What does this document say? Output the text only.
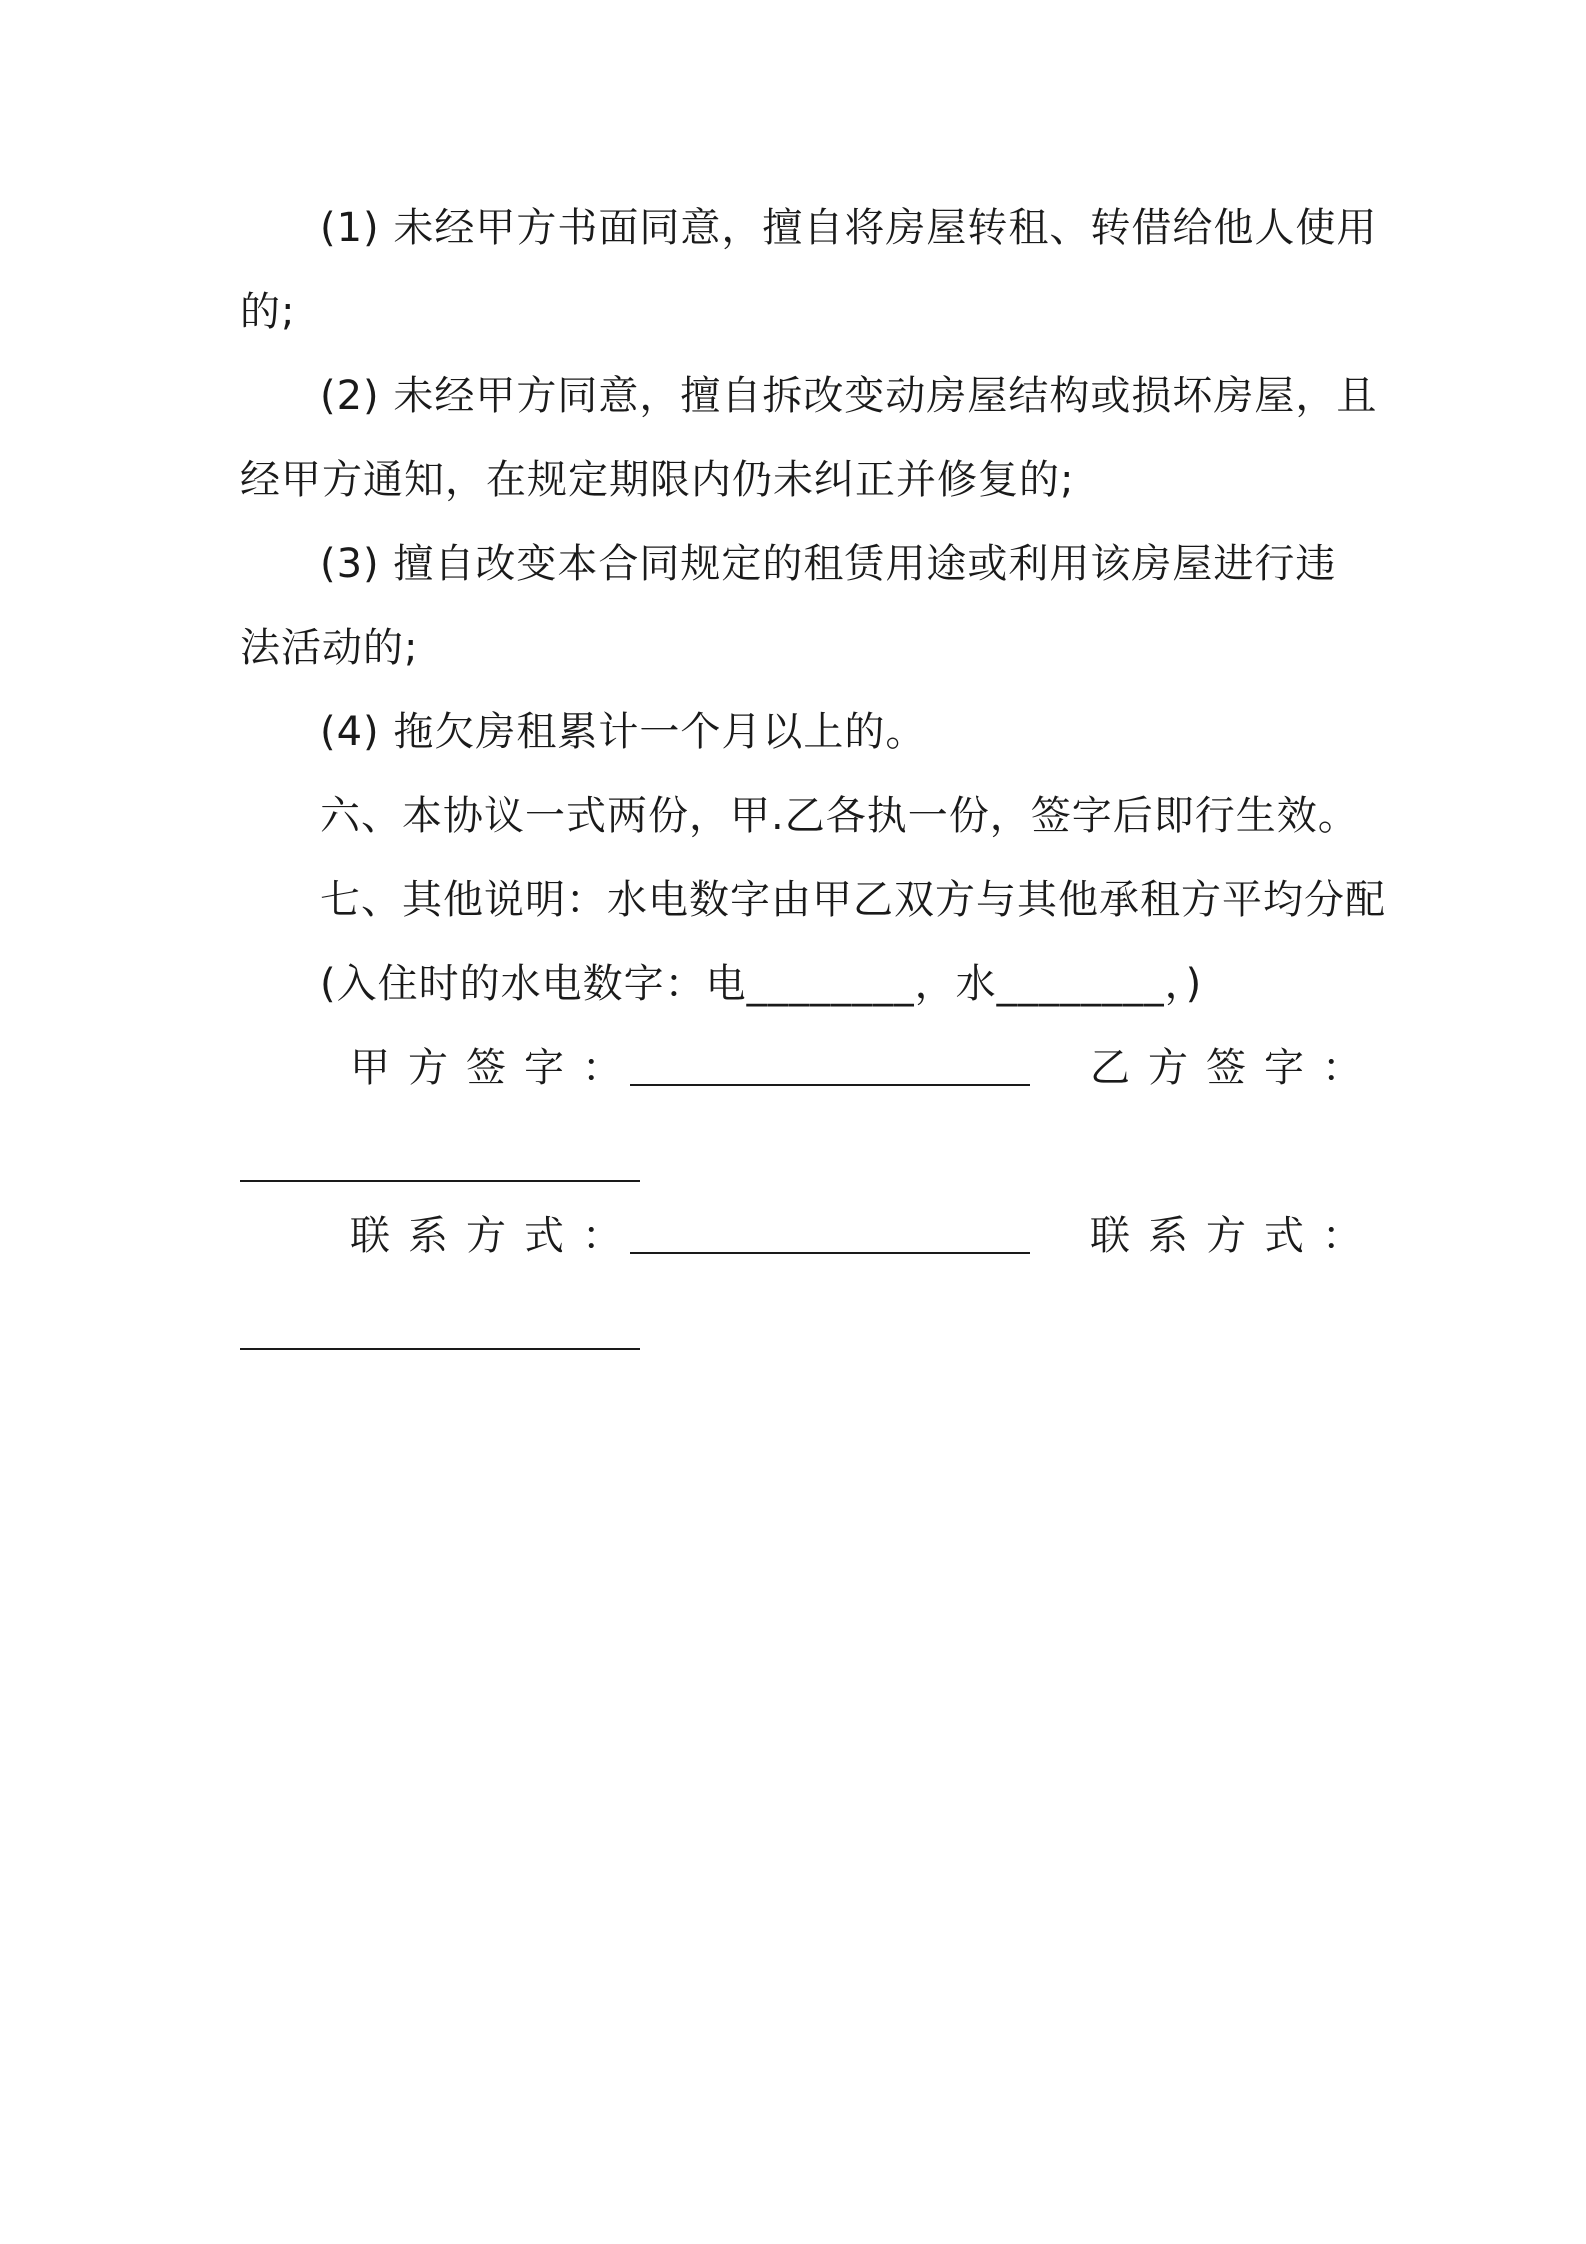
(1) 未经甲方书面同意，擅自将房屋转租、转借给他人使用
的;
(2) 未经甲方同意，擅自拆改变动房屋结构或损坏房屋，且
经甲方通知，在规定期限内仍未纠正并修复的;
(3) 擅自改变本合同规定的租赁用途或利用该房屋进行违
法活动的;
(4) 拖欠房租累计一个月以上的。
六、本协议一式两份，甲.乙各执一份，签字后即行生效。
七、其他说明：水电数字由甲乙双方与其他承租方平均分配
(入住时的水电数字：电________，水________，)
甲方签字：	乙方签字：
联系方式：	联系方式：
